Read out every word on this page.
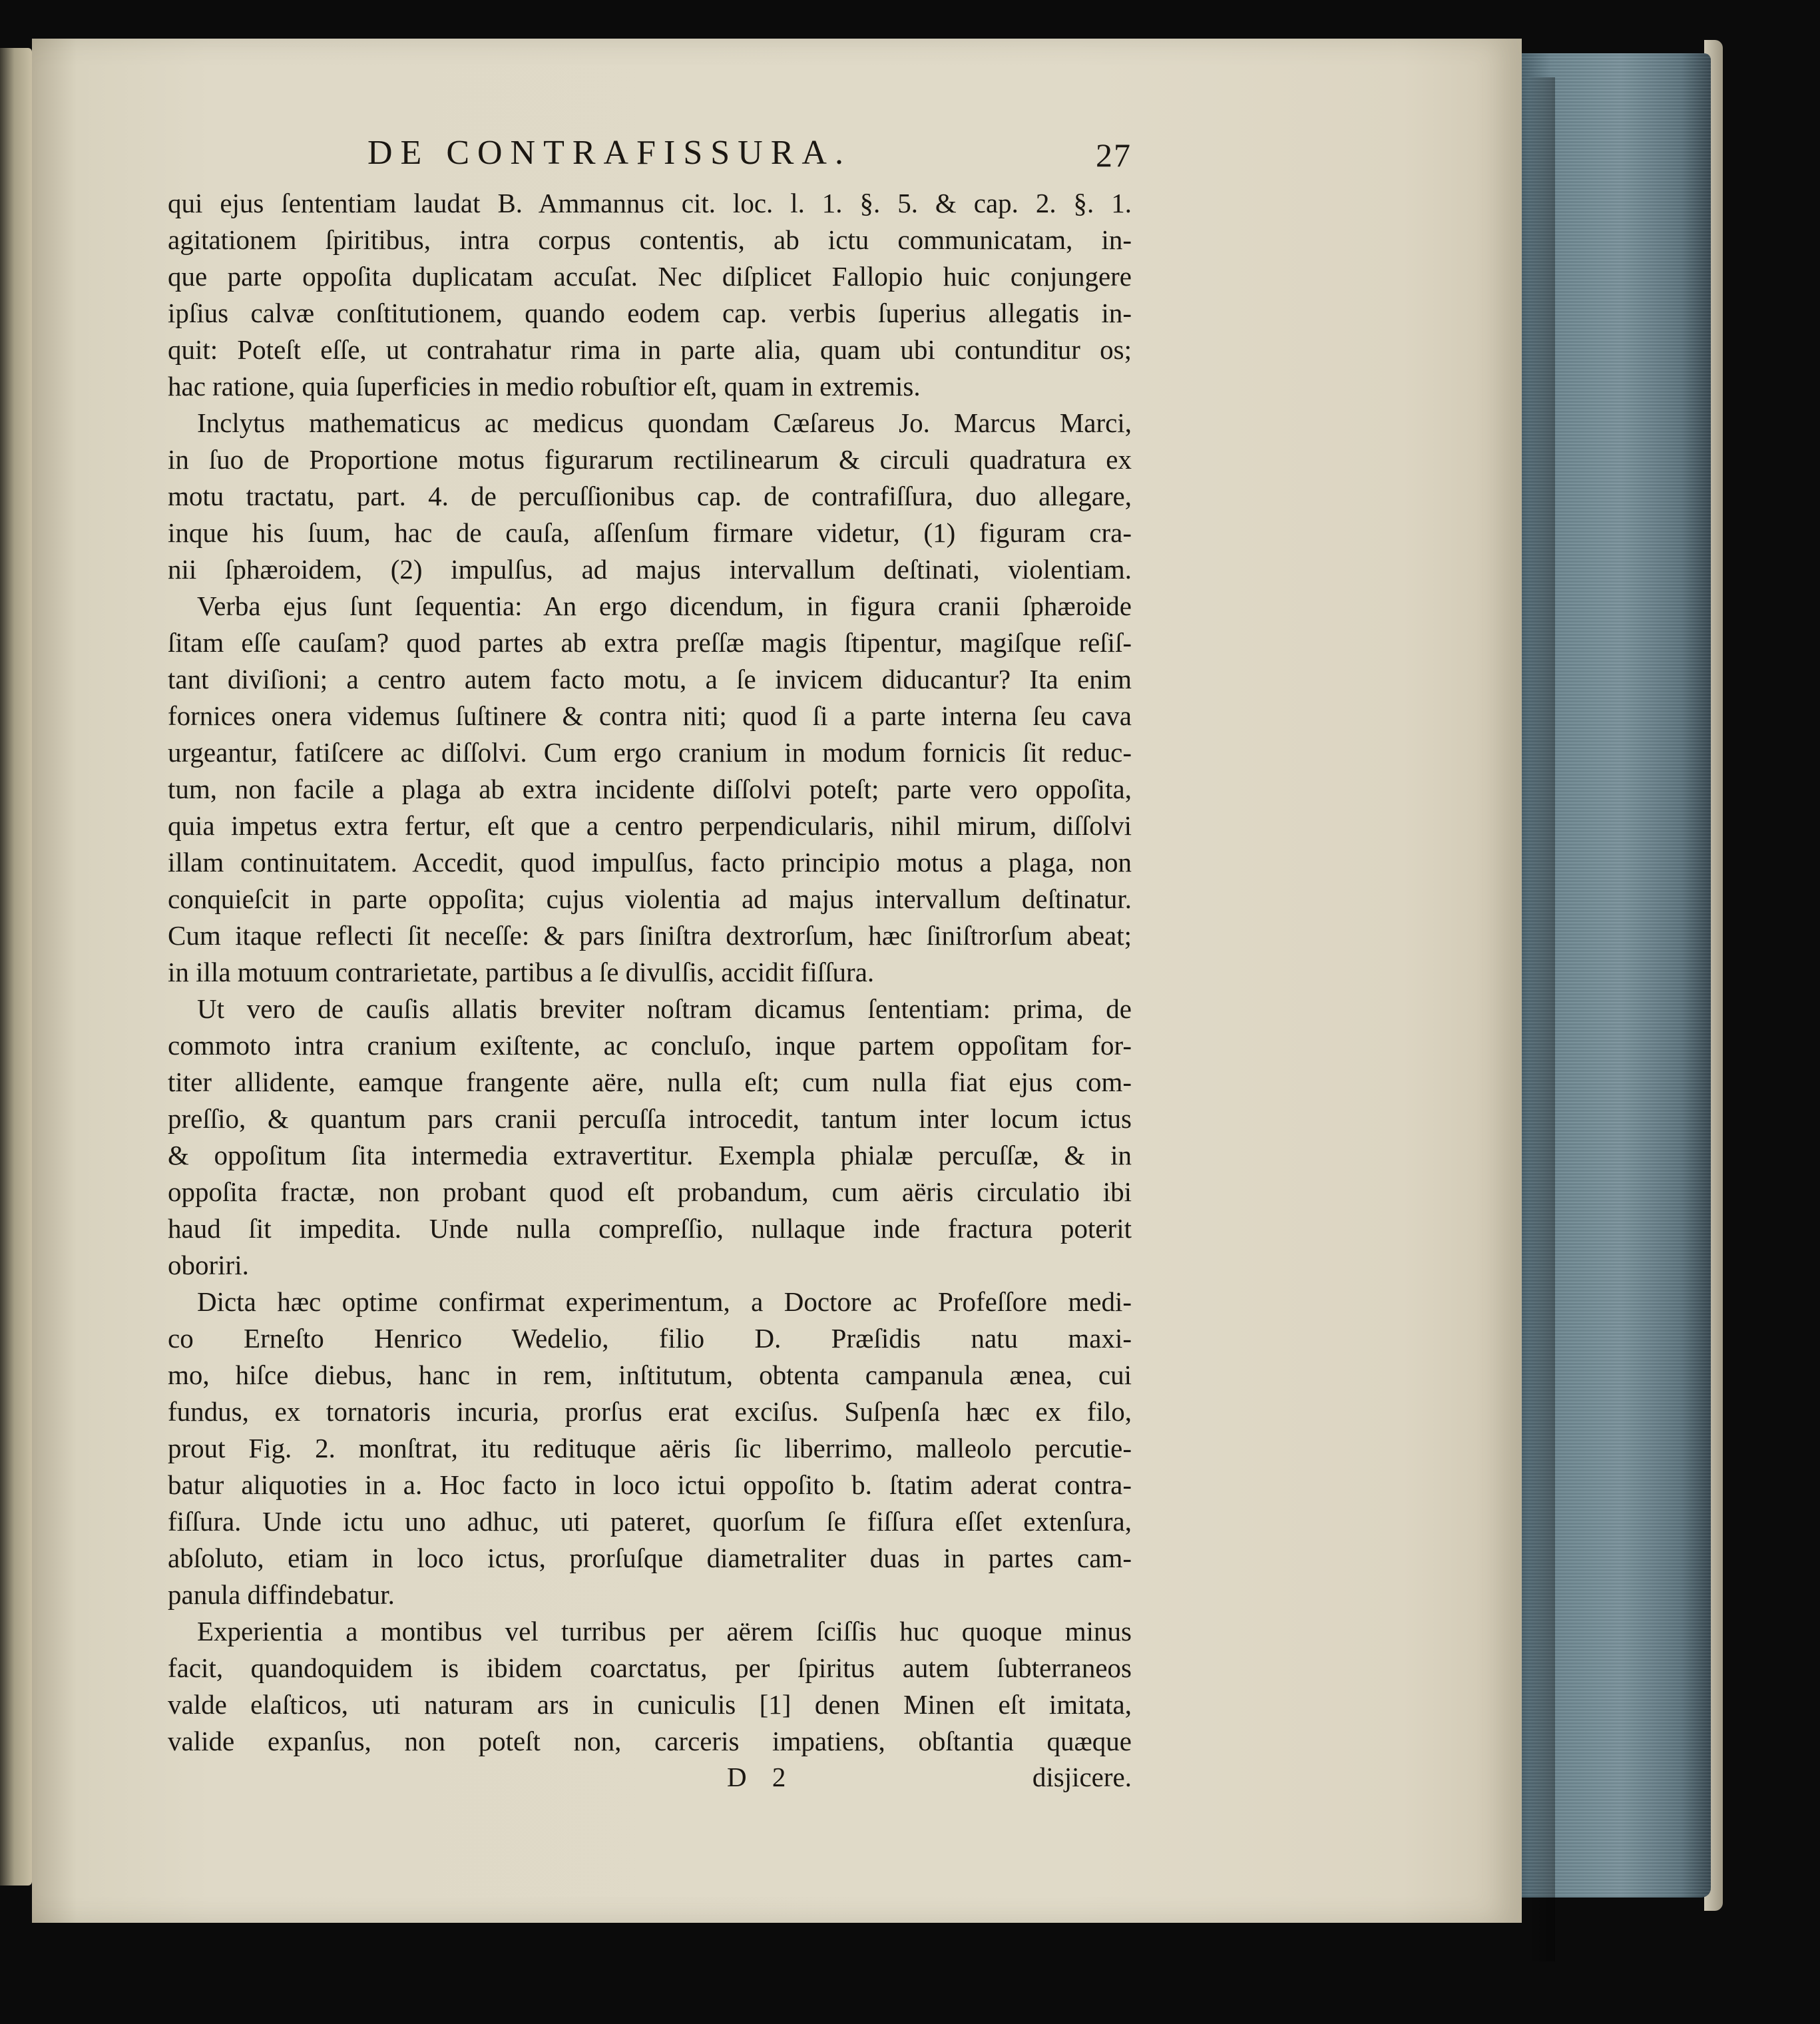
DE CONTRAFISSURA.	27
qui ejus ſententiam laudat B. Ammannus cit. loc. l. 1. §. 5. & cap. 2. §. 1.
agitationem ſpiritibus, intra corpus contentis, ab ictu communicatam, in-
que parte oppoſita duplicatam accuſat. Nec diſplicet Fallopio huic conjungere
ipſius calvæ conſtitutionem, quando eodem cap. verbis ſuperius allegatis in-
quit: Poteſt eſſe, ut contrahatur rima in parte alia, quam ubi contunditur os;
hac ratione, quia ſuperficies in medio robuſtior eſt, quam in extremis.
Inclytus mathematicus ac medicus quondam Cæſareus Jo. Marcus Marci,
in ſuo de Proportione motus figurarum rectilinearum & circuli quadratura ex
motu tractatu, part. 4. de percuſſionibus cap. de contrafiſſura, duo allegare,
inque his ſuum, hac de cauſa, aſſenſum firmare videtur, (1) figuram cra-
nii ſphæroidem, (2) impulſus, ad majus intervallum deſtinati, violentiam.
Verba ejus ſunt ſequentia: An ergo dicendum, in figura cranii ſphæroide
ſitam eſſe cauſam? quod partes ab extra preſſæ magis ſtipentur, magiſque reſiſ-
tant diviſioni; a centro autem facto motu, a ſe invicem diducantur? Ita enim
fornices onera videmus ſuſtinere & contra niti; quod ſi a parte interna ſeu cava
urgeantur, fatiſcere ac diſſolvi. Cum ergo cranium in modum fornicis ſit reduc-
tum, non facile a plaga ab extra incidente diſſolvi poteſt; parte vero oppoſita,
quia impetus extra fertur, eſt que a centro perpendicularis, nihil mirum, diſſolvi
illam continuitatem. Accedit, quod impulſus, facto principio motus a plaga, non
conquieſcit in parte oppoſita; cujus violentia ad majus intervallum deſtinatur.
Cum itaque reflecti ſit neceſſe: & pars ſiniſtra dextrorſum, hæc ſiniſtrorſum abeat;
in illa motuum contrarietate, partibus a ſe divulſis, accidit fiſſura.
Ut vero de cauſis allatis breviter noſtram dicamus ſententiam: prima, de
commoto intra cranium exiſtente, ac concluſo, inque partem oppoſitam for-
titer allidente, eamque frangente aëre, nulla eſt; cum nulla fiat ejus com-
preſſio, & quantum pars cranii percuſſa introcedit, tantum inter locum ictus
& oppoſitum ſita intermedia extravertitur. Exempla phialæ percuſſæ, & in
oppoſita fractæ, non probant quod eſt probandum, cum aëris circulatio ibi
haud ſit impedita. Unde nulla compreſſio, nullaque inde fractura poterit
oboriri.
Dicta hæc optime confirmat experimentum, a Doctore ac Profeſſore medi-
co Erneſto Henrico Wedelio, filio D. Præſidis natu maxi-
mo, hiſce diebus, hanc in rem, inſtitutum, obtenta campanula ænea, cui
fundus, ex tornatoris incuria, prorſus erat exciſus. Suſpenſa hæc ex filo,
prout Fig. 2. monſtrat, itu redituque aëris ſic liberrimo, malleolo percutie-
batur aliquoties in a. Hoc facto in loco ictui oppoſito b. ſtatim aderat contra-
fiſſura. Unde ictu uno adhuc, uti pateret, quorſum ſe fiſſura eſſet extenſura,
abſoluto, etiam in loco ictus, prorſuſque diametraliter duas in partes cam-
panula diffindebatur.
Experientia a montibus vel turribus per aërem ſciſſis huc quoque minus
facit, quandoquidem is ibidem coarctatus, per ſpiritus autem ſubterraneos
valde elaſticos, uti naturam ars in cuniculis [1] denen Minen eſt imitata,
valide expanſus, non poteſt non, carceris impatiens, obſtantia quæque
D 2	disjicere.
